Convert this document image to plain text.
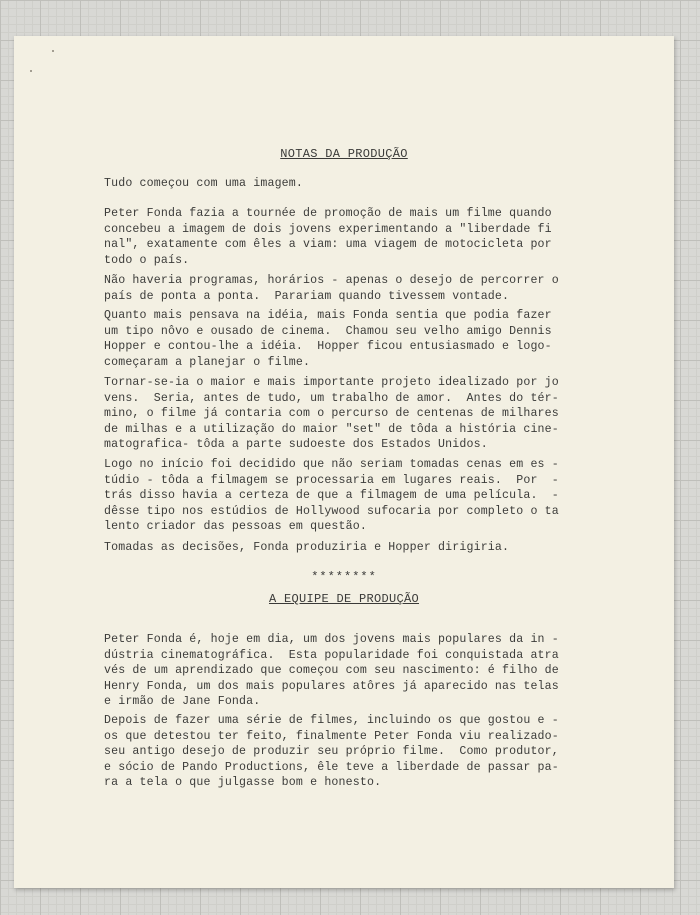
NOTAS DA PRODUÇÃO

Tudo começou com uma imagem.

Peter Fonda fazia a tournée de promoção de mais um filme quando
concebeu a imagem de dois jovens experimentando a "liberdade fi
nal", exatamente com êles a viam: uma viagem de motocicleta por
todo o país.

Não haveria programas, horários - apenas o desejo de percorrer o
país de ponta a ponta.  Parariam quando tivessem vontade.

Quanto mais pensava na idéia, mais Fonda sentia que podia fazer
um tipo nôvo e ousado de cinema.  Chamou seu velho amigo Dennis
Hopper e contou-lhe a idéia.  Hopper ficou entusiasmado e logo-
começaram a planejar o filme.

Tornar-se-ia o maior e mais importante projeto idealizado por jo
vens.  Seria, antes de tudo, um trabalho de amor.  Antes do tér-
mino, o filme já contaria com o percurso de centenas de milhares
de milhas e a utilização do maior "set" de tôda a história cine-
matografica- tôda a parte sudoeste dos Estados Unidos.

Logo no início foi decidido que não seriam tomadas cenas em es -
túdio - tôda a filmagem se processaria em lugares reais.  Por  -
trás disso havia a certeza de que a filmagem de uma película.  -
dêsse tipo nos estúdios de Hollywood sufocaria por completo o ta
lento criador das pessoas em questão.

Tomadas as decisões, Fonda produziria e Hopper dirigiria.

********
A EQUIPE DE PRODUÇÃO

Peter Fonda é, hoje em dia, um dos jovens mais populares da in -
dústria cinematográfica.  Esta popularidade foi conquistada atra
vés de um aprendizado que começou com seu nascimento: é filho de
Henry Fonda, um dos mais populares atôres já aparecido nas telas
e irmão de Jane Fonda.

Depois de fazer uma série de filmes, incluindo os que gostou e -
os que detestou ter feito, finalmente Peter Fonda viu realizado-
seu antigo desejo de produzir seu próprio filme.  Como produtor,
e sócio de Pando Productions, êle teve a liberdade de passar pa-
ra a tela o que julgasse bom e honesto.
